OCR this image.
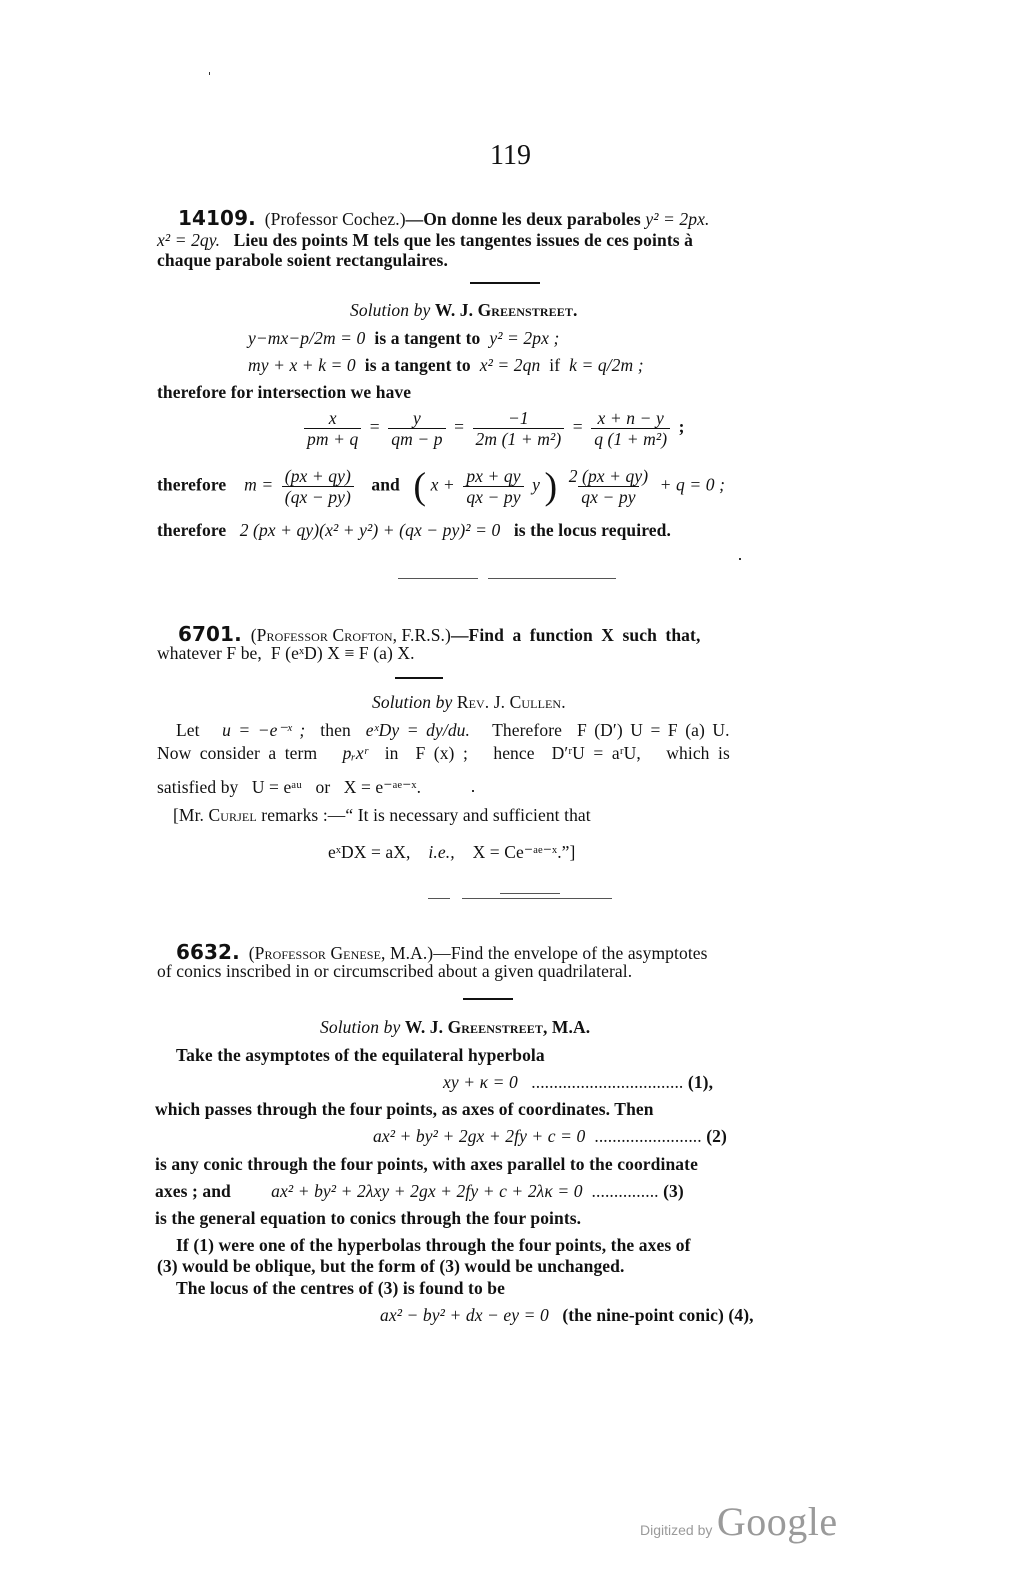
119
14109. (Professor Cochez.)—On donne les deux paraboles y² = 2px.
x² = 2qy. Lieu des points M tels que les tangentes issues de ces points à
chaque parabole soient rectangulaires.
Solution by W. J. Greenstreet.
y−mx−p/2m = 0 is a tangent to y² = 2px ;
my + x + k = 0 is a tangent to x² = 2qn if k = q/2m ;
therefore for intersection we have
$\frac{x}{pm + q} = \frac{y}{qm - p} = \frac{-1}{\text{2m (1 + m²)}} = \frac{x + n - y}{\text{q (1 + m²)}}$ ;
therefore $m = \frac{(px + qy)}{(qx - py)}$ and ( $x + \frac{px + qy}{qx - py}$ y ) $\frac{2 (px + qy)}{qx - py} + q = 0$ ;
therefore 2 (px + qy)(x² + y²) + (qx − py)² = 0 is the locus required.
6701. (Professor Crofton, F.R.S.)—Find a function X such that,
whatever F be, F (eˣD) X ≡ F (a) X.
Solution by Rev. J. Cullen.
Let u = −e⁻ˣ ; then eˣDy = dy/du. Therefore F (D′) U = F (a) U.
Now consider a term pᵣxʳ in F (x) ; hence D′ʳU = aʳU, which is
satisfied by U = eᵃᵘ or X = e⁻ᵃᵉ⁻ˣ.
[Mr. Curjel remarks :—“ It is necessary and sufficient that
eˣDX = aX, i.e., X = Ce⁻ᵃᵉ⁻ˣ.”]
6632. (Professor Genese, M.A.)—Find the envelope of the asymptotes
of conics inscribed in or circumscribed about a given quadrilateral.
Solution by W. J. Greenstreet, M.A.
Take the asymptotes of the equilateral hyperbola
xy + κ = 0 .................................. (1),
which passes through the four points, as axes of coordinates. Then
ax² + by² + 2gx + 2fy + c = 0 ........................ (2)
is any conic through the four points, with axes parallel to the coordinate
axes ; and ax² + by² + 2λxy + 2gx + 2fy + c + 2λκ = 0 ............... (3)
is the general equation to conics through the four points.
If (1) were one of the hyperbolas through the four points, the axes of
(3) would be oblique, but the form of (3) would be unchanged.
The locus of the centres of (3) is found to be
ax² − by² + dx − ey = 0 (the nine-point conic) (4),
Digitized by Google
